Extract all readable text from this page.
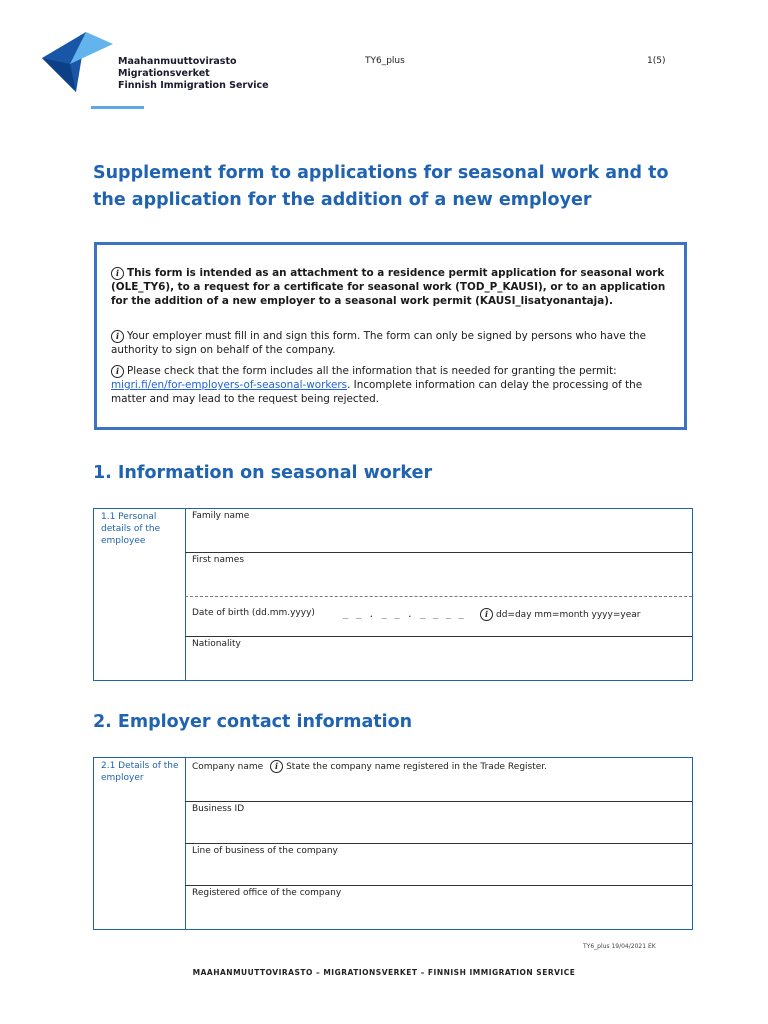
Maahanmuuttovirasto
Migrationsverket
Finnish Immigration Service
TY6_plus	1(5)
Supplement form to applications for seasonal work and to the application for the addition of a new employer
i This form is intended as an attachment to a residence permit application for seasonal work (OLE_TY6), to a request for a certificate for seasonal work (TOD_P_KAUSI), or to an application for the addition of a new employer to a seasonal work permit (KAUSI_lisatyonantaja).
i Your employer must fill in and sign this form. The form can only be signed by persons who have the authority to sign on behalf of the company.
i Please check that the form includes all the information that is needed for granting the permit: migri.fi/en/for-employers-of-seasonal-workers. Incomplete information can delay the processing of the matter and may lead to the request being rejected.
1. Information on seasonal worker
1.1 Personal details of the employee
Family name
First names
Date of birth (dd.mm.yyyy)	_ _ . _ _ . _ _ _ _	i dd=day mm=month yyyy=year
Nationality
2. Employer contact information
2.1 Details of the employer
Company name i State the company name registered in the Trade Register.
Business ID
Line of business of the company
Registered office of the company
TY6_plus 19/04/2021 EK
MAAHANMUUTTOVIRASTO – MIGRATIONSVERKET – FINNISH IMMIGRATION SERVICE
